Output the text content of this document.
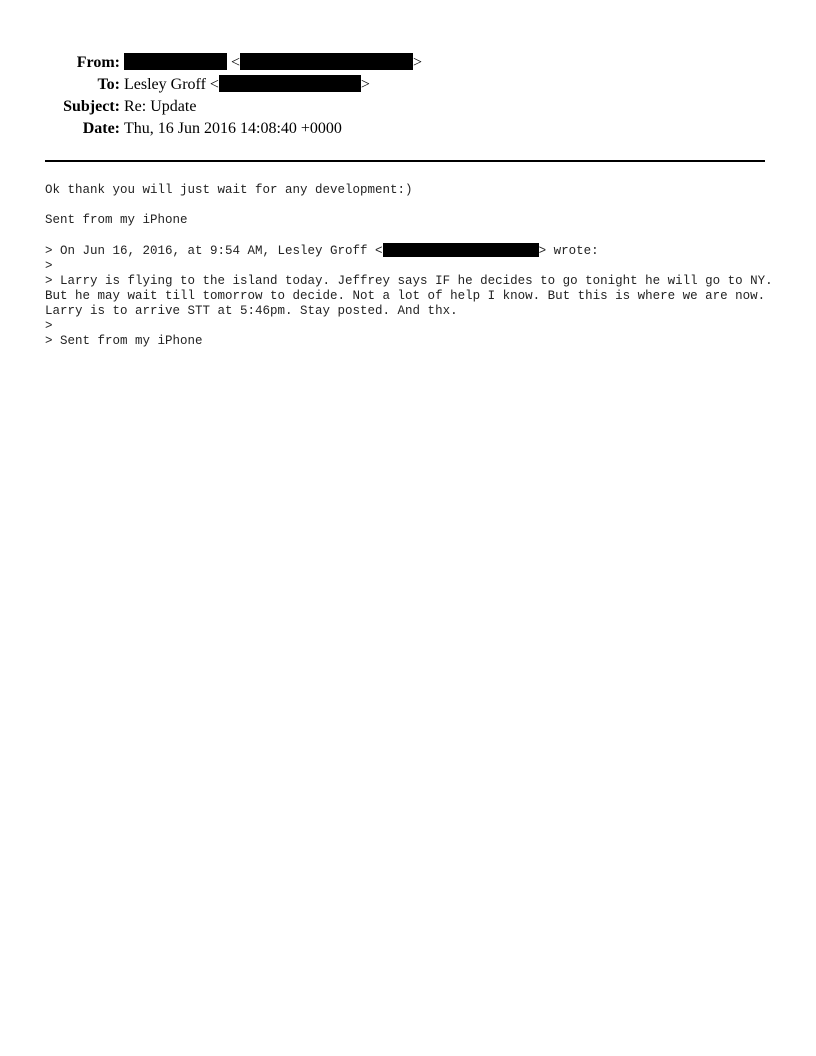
From:	<	>
To: Lesley Groff <	>
Subject: Re: Update
Date: Thu, 16 Jun 2016 14:08:40 +0000
Ok thank you will just wait for any development:)
Sent from my iPhone
> On Jun 16, 2016, at 9:54 AM, Lesley Groff <	> wrote:
>
> Larry is flying to the island today. Jeffrey says IF he decides to go tonight he will go to NY. But he may wait till tomorrow to decide. Not a lot of help I know. But this is where we are now. Larry is to arrive STT at 5:46pm. Stay posted. And thx.
>
> Sent from my iPhone
